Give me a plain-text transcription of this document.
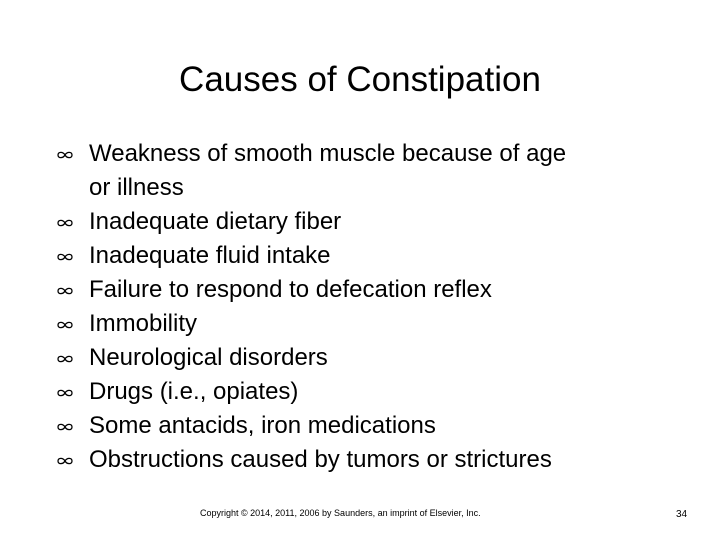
Causes of Constipation
Weakness of smooth muscle because of age
or illness
Inadequate dietary fiber
Inadequate fluid intake
Failure to respond to defecation reflex
Immobility
Neurological disorders
Drugs (i.e., opiates)
Some antacids, iron medications
Obstructions caused by tumors or strictures
Copyright © 2014, 2011, 2006 by Saunders, an imprint of Elsevier, Inc.	34
